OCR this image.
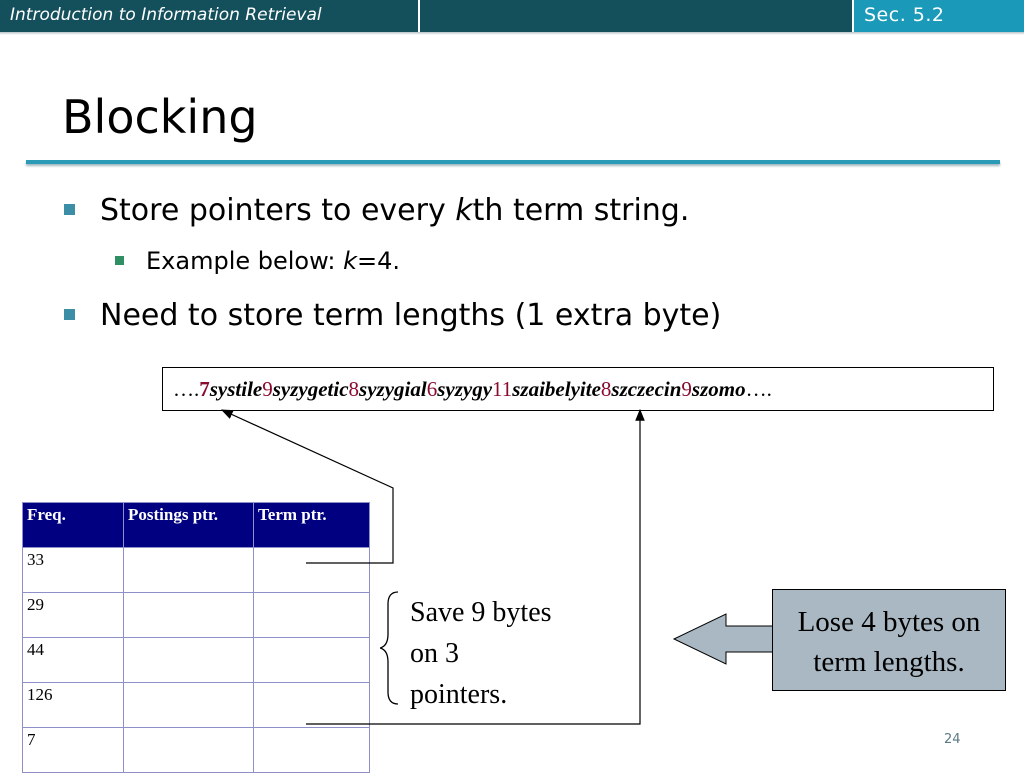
Introduction to Information Retrieval	Sec. 5.2
Blocking
Store pointers to every kth term string.
Example below: k=4.
Need to store term lengths (1 extra byte)
….7systile9syzygetic8syzygial6syzygy11szaibelyite8szczecin9szomo….
Freq.	Postings ptr.	Term ptr.
33		
29		
44		
126		
7		
Save 9 bytes
on 3
pointers.
Lose 4 bytes on
term lengths.
24
